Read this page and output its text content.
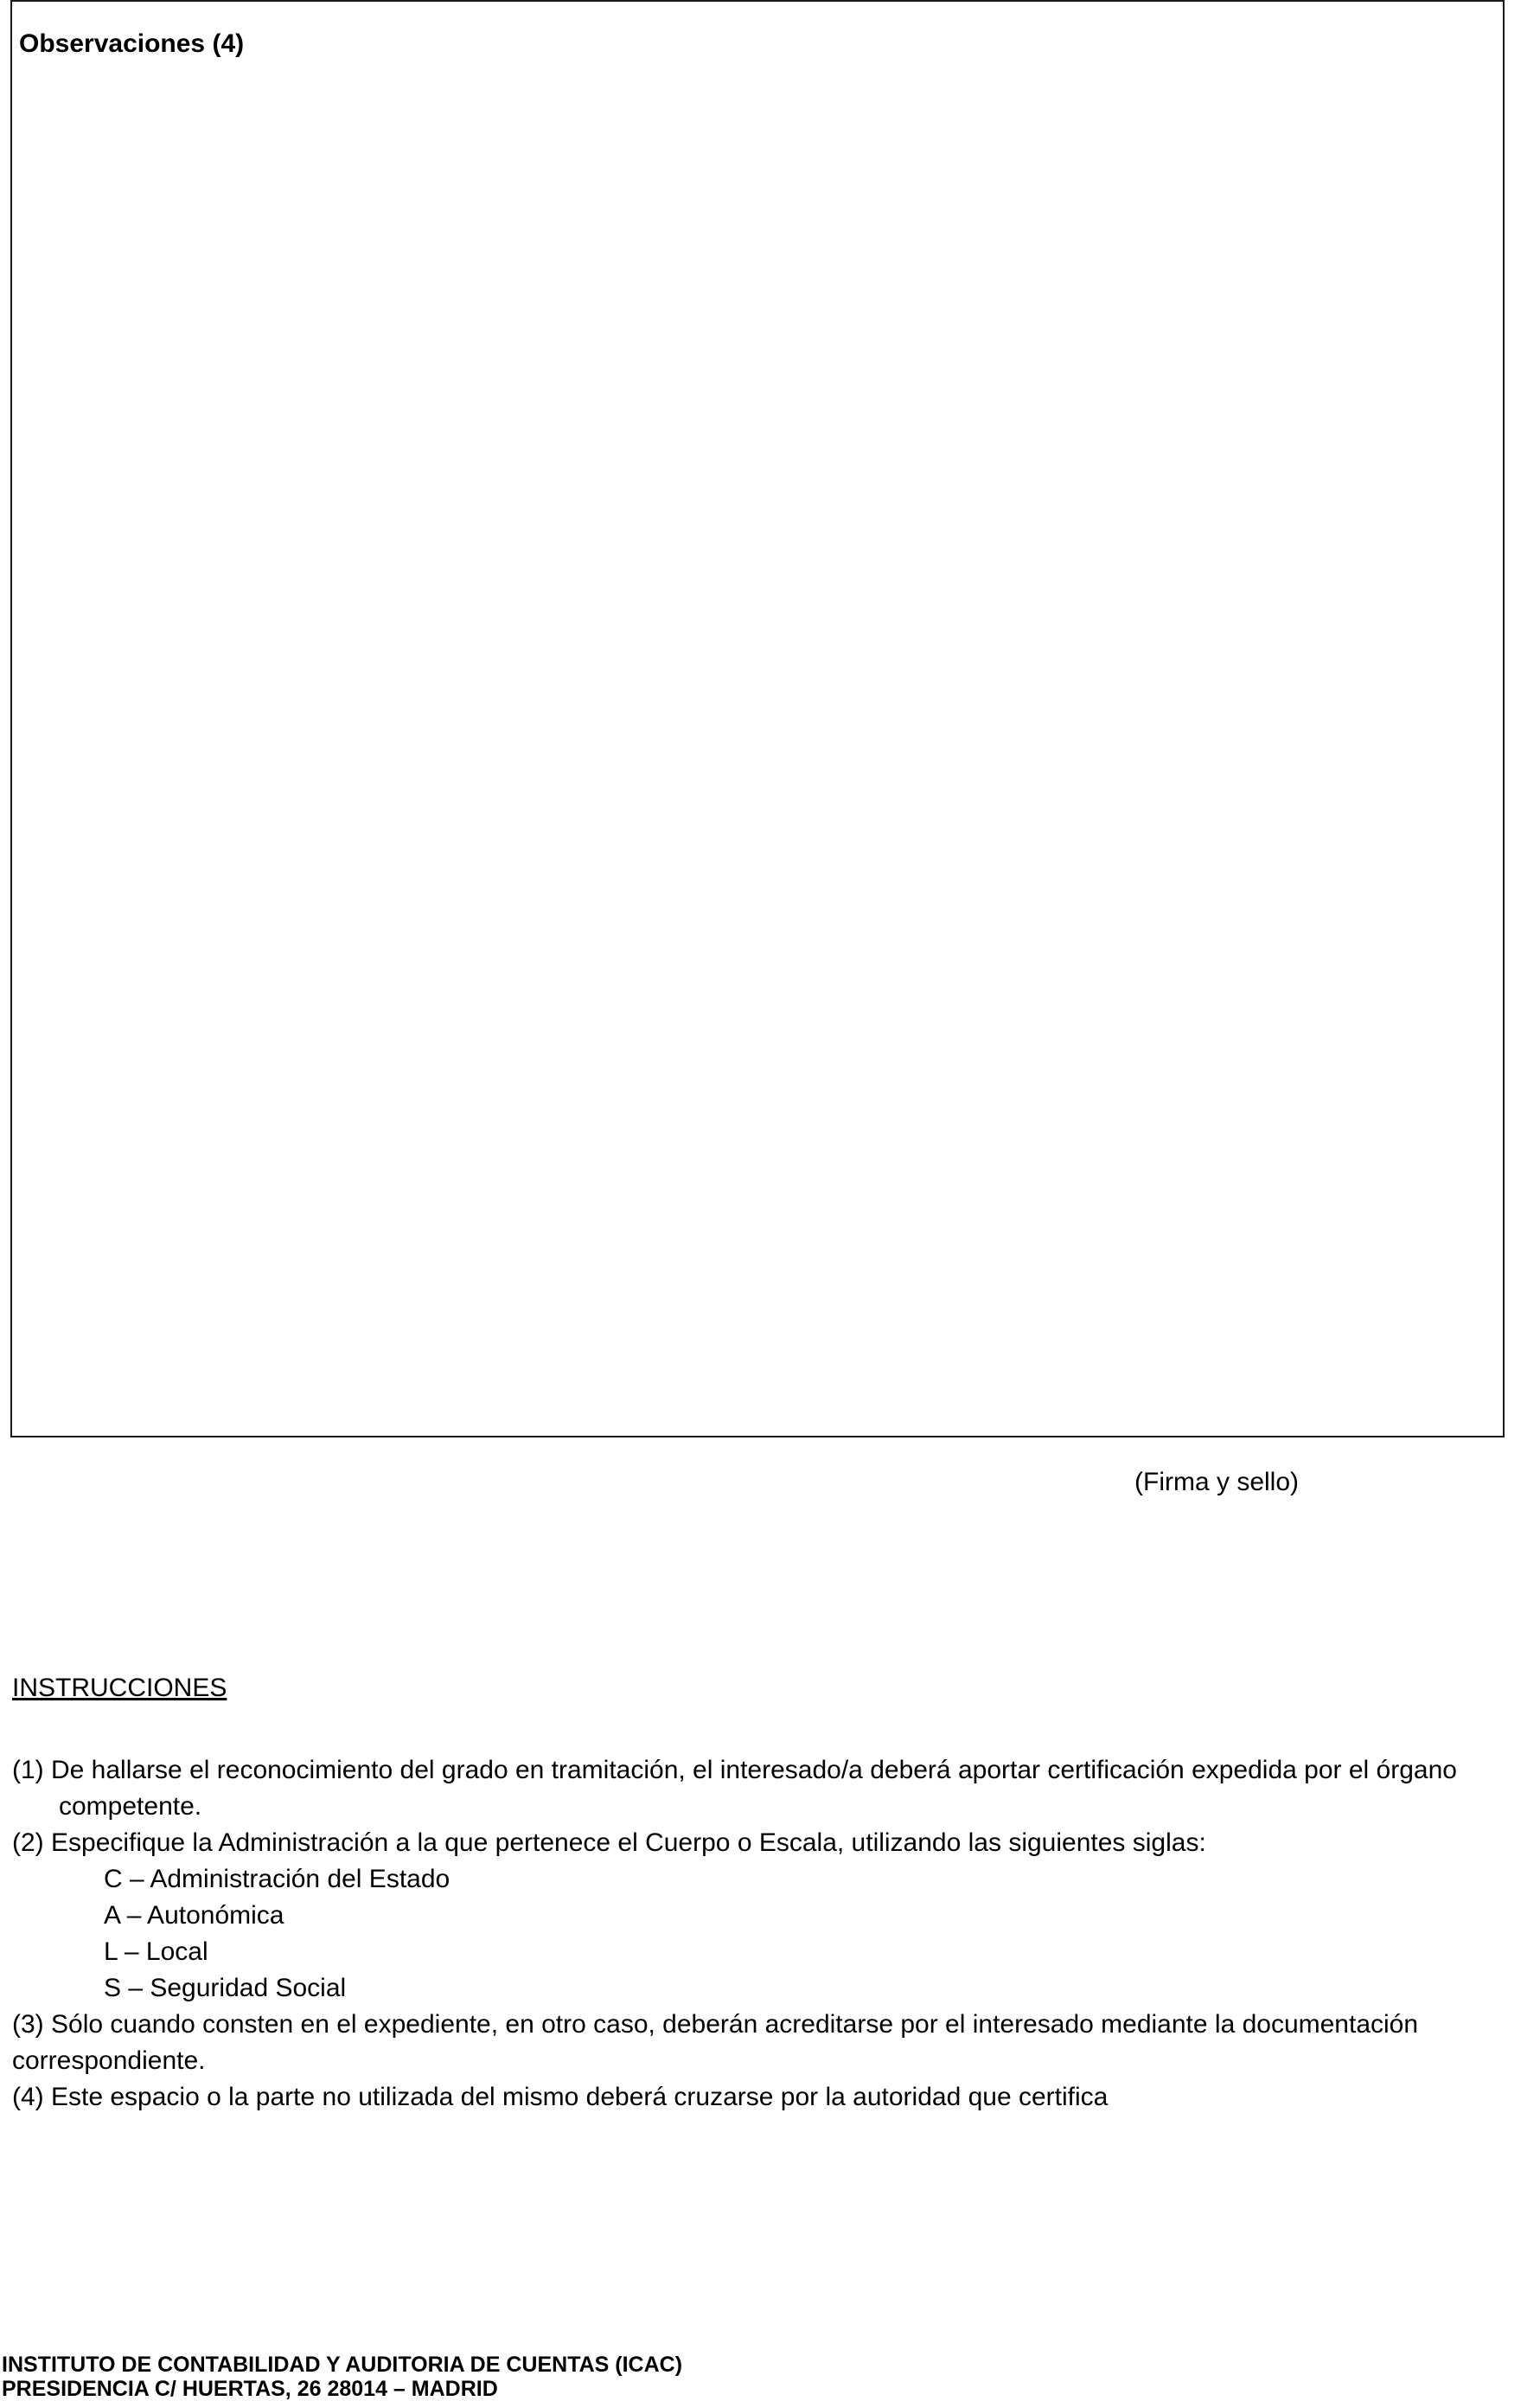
Observaciones (4)
(Firma y sello)
INSTRUCCIONES
(1) De hallarse el reconocimiento del grado en tramitación, el interesado/a deberá aportar certificación expedida por el órgano
competente.
(2) Especifique la Administración a la que pertenece el Cuerpo o Escala, utilizando las siguientes siglas:
C – Administración del Estado
A – Autonómica
L – Local
S – Seguridad Social
(3) Sólo cuando consten en el expediente, en otro caso, deberán acreditarse por el interesado mediante la documentación
correspondiente.
(4) Este espacio o la parte no utilizada del mismo deberá cruzarse por la autoridad que certifica
INSTITUTO DE CONTABILIDAD Y AUDITORIA DE CUENTAS (ICAC)
PRESIDENCIA C/ HUERTAS, 26 28014 – MADRID
